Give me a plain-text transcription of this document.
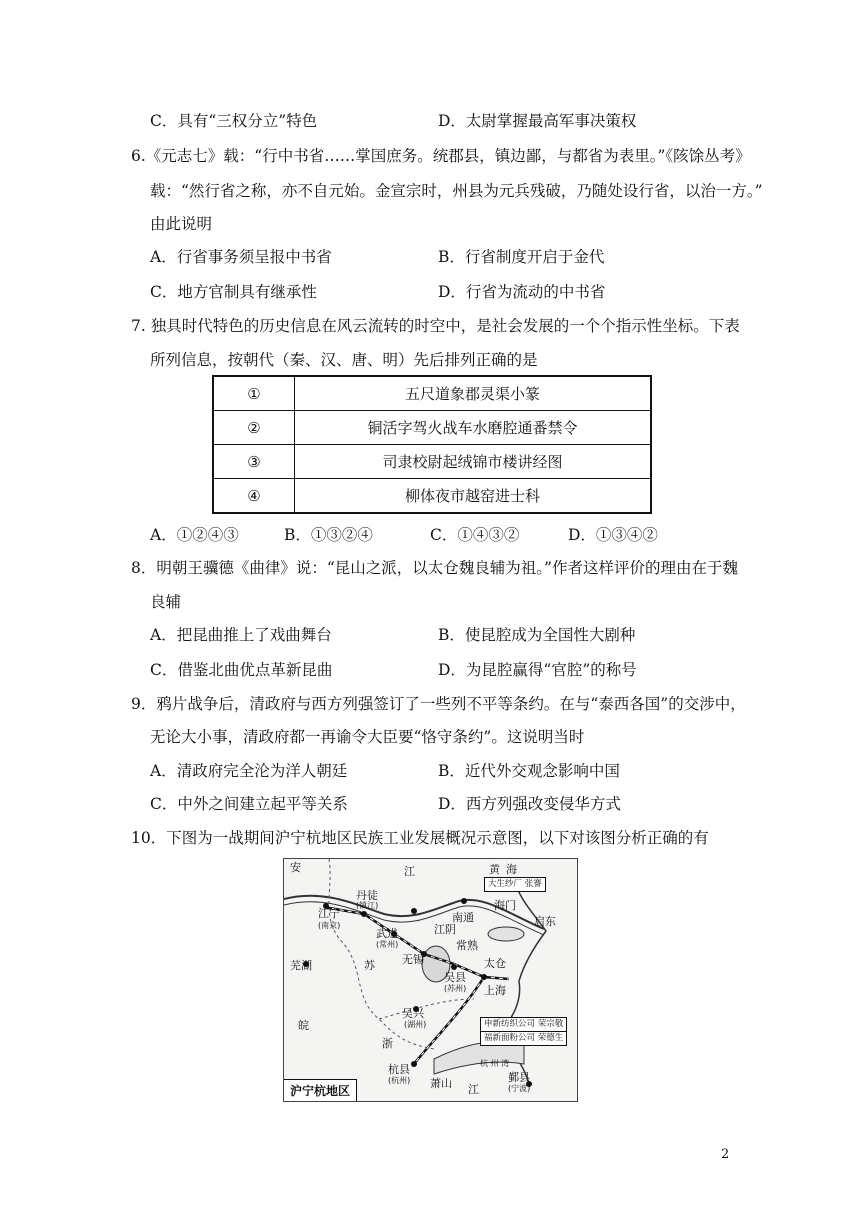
C．具有“三权分立”特色	D．太尉掌握最高军事决策权
6.《元志七》载：“行中书省……掌国庶务。统郡县，镇边鄙，与都省为表里。”《陔馀丛考》
载：“然行省之称，亦不自元始。金宣宗时，州县为元兵残破，乃随处设行省，以治一方。”
由此说明
A．行省事务须呈报中书省	B．行省制度开启于金代
C．地方官制具有继承性	D．行省为流动的中书省
7. 独具时代特色的历史信息在风云流转的时空中，是社会发展的一个个指示性坐标。下表
所列信息，按朝代（秦、汉、唐、明）先后排列正确的是
①	五尺道象郡灵渠小篆
②	铜活字驾火战车水磨腔通番禁令
③	司隶校尉起绒锦市楼讲经图
④	柳体夜市越窑进士科
A．①②④③	B．①③②④	C．①④③②	D．①③④②
8．明朝王骥德《曲律》说：“昆山之派，以太仓魏良辅为祖。”作者这样评价的理由在于魏
良辅
A．把昆曲推上了戏曲舞台	B．使昆腔成为全国性大剧种
C．借鉴北曲优点革新昆曲	D．为昆腔赢得“官腔”的称号
9．鸦片战争后，清政府与西方列强签订了一些列不平等条约。在与“泰西各国”的交涉中，
无论大小事，清政府都一再谕令大臣要“恪守条约”。这说明当时
A．清政府完全沦为洋人朝廷	B．近代外交观念影响中国
C．中外之间建立起平等关系	D．西方列强改变侵华方式
10．下图为一战期间沪宁杭地区民族工业发展概况示意图，以下对该图分析正确的有
安	江	黄 海
大生纱厂 张謇
江宁
(南京)
丹徒
(镇江)
南通
江阴
海门
启东
武进
(常州)	常熟
无锡
芜湖	苏	太仓
吴县
(苏州) 上海
吴兴
(湖州)
皖
浙
申新纺织公司 荣宗敬
福新面粉公司 荣德生
杭 州 湾
杭县
(杭州) 萧山 江
鄞县
(宁波)
沪宁杭地区
2
